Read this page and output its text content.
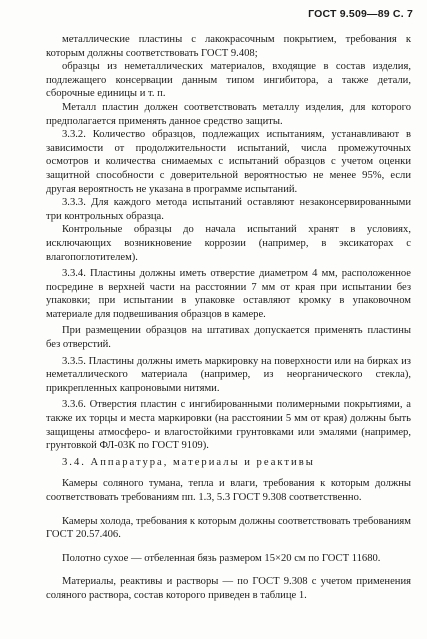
ГОСТ 9.509—89 С. 7

металлические пластины с лакокрасочным покрытием, требования к которым должны соответствовать ГОСТ 9.408;

образцы из неметаллических материалов, входящие в состав изделия, подлежащего консервации данным типом ингибитора, а также детали, сборочные единицы и т. п.

Металл пластин должен соответствовать металлу изделия, для которого предполагается применять данное средство защиты.

3.3.2. Количество образцов, подлежащих испытаниям, устанавливают в зависимости от продолжительности испытаний, числа промежуточных осмотров и количества снимаемых с испытаний образцов с учетом оценки защитной способности с доверительной вероятностью не менее 95%, если другая вероятность не указана в программе испытаний.

3.3.3. Для каждого метода испытаний оставляют незаконсервированными три контрольных образца.

Контрольные образцы до начала испытаний хранят в условиях, исключающих возникновение коррозии (например, в эксикаторах с влагопоглотителем).

3.3.4. Пластины должны иметь отверстие диаметром 4 мм, расположенное посредине в верхней части на расстоянии 7 мм от края при испытании без упаковки; при испытании в упаковке оставляют кромку в упаковочном материале для подвешивания образцов в камере.

При размещении образцов на штативах допускается применять пластины без отверстий.

3.3.5. Пластины должны иметь маркировку на поверхности или на бирках из неметаллического материала (например, из неорганического стекла), прикрепленных капроновыми нитями.

3.3.6. Отверстия пластин с ингибированными полимерными покрытиями, а также их торцы и места маркировки (на расстоянии 5 мм от края) должны быть защищены атмосферо- и влагостойкими грунтовками или эмалями (например, грунтовкой ФЛ-03К по ГОСТ 9109).

3.4. Аппаратура, материалы и реактивы

Камеры соляного тумана, тепла и влаги, требования к которым должны соответствовать требованиям пп. 1.3, 5.3 ГОСТ 9.308 соответственно.

Камеры холода, требования к которым должны соответствовать требованиям ГОСТ 20.57.406.

Полотно сухое — отбеленная бязь размером 15×20 см по ГОСТ 11680.

Материалы, реактивы и растворы — по ГОСТ 9.308 с учетом применения соляного раствора, состав которого приведен в таблице 1.
